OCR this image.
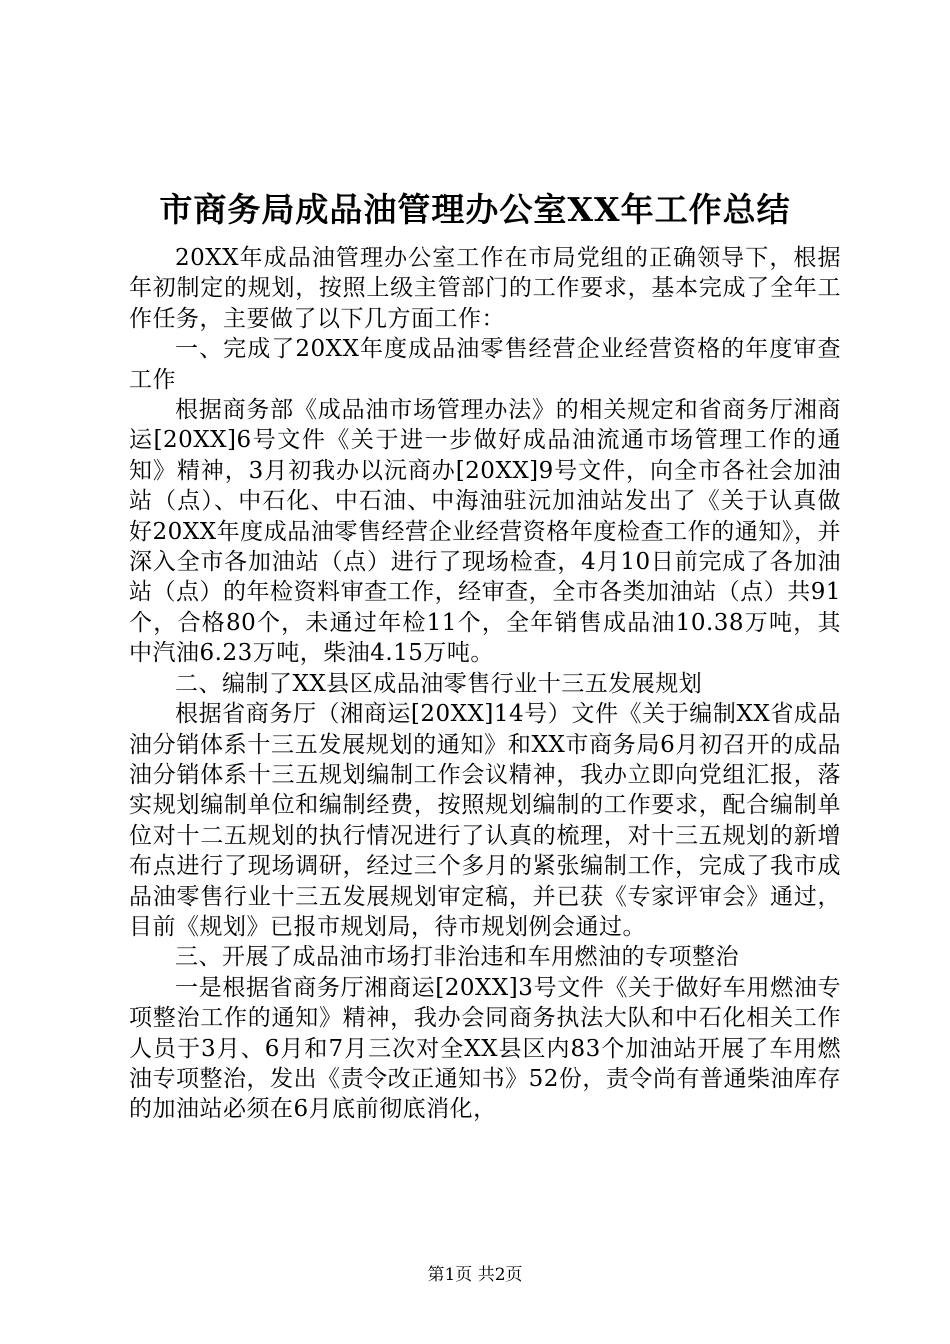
市商务局成品油管理办公室XX年工作总结

20XX年成品油管理办公室工作在市局党组的正确领导下，根据年初制定的规划，按照上级主管部门的工作要求，基本完成了全年工作任务，主要做了以下几方面工作：

一、完成了20XX年度成品油零售经营企业经营资格的年度审查工作

根据商务部《成品油市场管理办法》的相关规定和省商务厅湘商运[20XX]6号文件《关于进一步做好成品油流通市场管理工作的通知》精神，3月初我办以沅商办[20XX]9号文件，向全市各社会加油站（点）、中石化、中石油、中海油驻沅加油站发出了《关于认真做好20XX年度成品油零售经营企业经营资格年度检查工作的通知》，并深入全市各加油站（点）进行了现场检查，4月10日前完成了各加油站（点）的年检资料审查工作，经审查，全市各类加油站（点）共91个，合格80个，未通过年检11个，全年销售成品油10.38万吨，其中汽油6.23万吨，柴油4.15万吨。

二、编制了XX县区成品油零售行业十三五发展规划

根据省商务厅（湘商运[20XX]14号）文件《关于编制XX省成品油分销体系十三五发展规划的通知》和XX市商务局6月初召开的成品油分销体系十三五规划编制工作会议精神，我办立即向党组汇报，落实规划编制单位和编制经费，按照规划编制的工作要求，配合编制单位对十二五规划的执行情况进行了认真的梳理，对十三五规划的新增布点进行了现场调研，经过三个多月的紧张编制工作，完成了我市成品油零售行业十三五发展规划审定稿，并已获《专家评审会》通过，目前《规划》已报市规划局，待市规划例会通过。

三、开展了成品油市场打非治违和车用燃油的专项整治

一是根据省商务厅湘商运[20XX]3号文件《关于做好车用燃油专项整治工作的通知》精神，我办会同商务执法大队和中石化相关工作人员于3月、6月和7月三次对全XX县区内83个加油站开展了车用燃油专项整治，发出《责令改正通知书》52份，责令尚有普通柴油库存的加油站必须在6月底前彻底消化，

第1页 共2页
